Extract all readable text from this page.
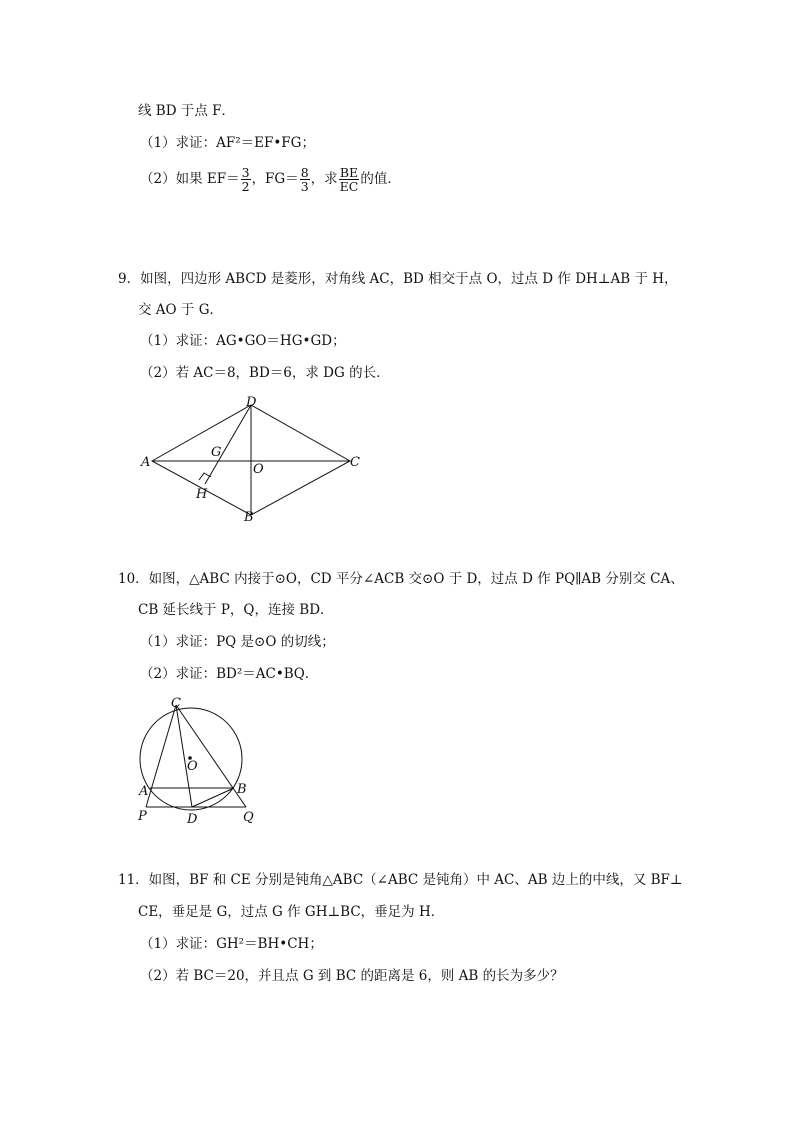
线 BD 于点 F．
（1）求证：AF²＝EF•FG；
（2）如果 $EF= \frac{3}{2}$ ，$FG= \frac{8}{3}$ ，求 $\frac{BE}{EC}$ 的值．
9．如图，四边形 ABCD 是菱形，对角线 AC，BD 相交于点 O，过点 D 作 DH⊥AB 于 H，
交 AO 于 G．
（1）求证：AG•GO＝HG•GD；
（2）若 AC＝8，BD＝6，求 DG 的长．
D
A	C
G
O
H
B
10．如图，△ABC 内接于⊙O，CD 平分∠ACB 交⊙O 于 D，过点 D 作 PQ∥AB 分别交 CA、
CB 延长线于 P，Q，连接 BD．
（1）求证：PQ 是⊙O 的切线；
（2）求证：BD²＝AC•BQ．
C
O
A	B
P	D	Q
11．如图，BF 和 CE 分别是钝角△ABC（∠ABC 是钝角）中 AC、AB 边上的中线，又 BF⊥
CE，垂足是 G，过点 G 作 GH⊥BC，垂足为 H．
（1）求证：GH²＝BH•CH；
（2）若 BC＝20，并且点 G 到 BC 的距离是 6，则 AB 的长为多少？
